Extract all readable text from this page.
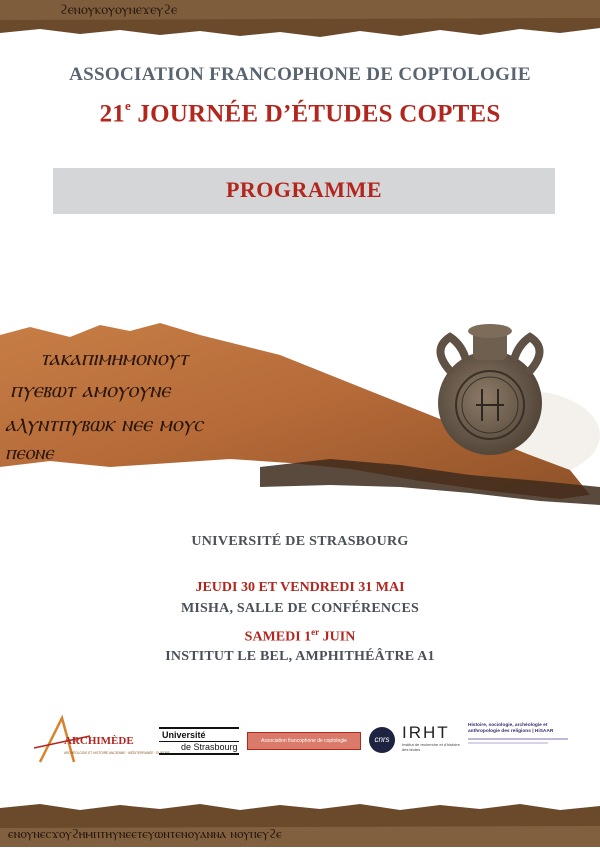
ϩⲉⲛⲟⲩⲕⲟⲩⲟⲩⲛⲉϫⲉⲩϩⲉ
ASSOCIATION FRANCOPHONE DE COPTOLOGIE
21e JOURNÉE D’ÉTUDES COPTES
PROGRAMME
ⲧⲁⲕⲁⲡⲓⲙⲏⲙⲟⲛⲟⲩⲧ
ⲡⲩⲉⲃⲱⲧ ⲁⲙⲟⲩⲟⲩⲛⲉ
ⲁⲗⲩⲛⲧⲡⲩⲃⲱⲕ ⲛⲉⲉ ⲙⲟⲩⲥ
ⲡⲉⲟⲛⲉ
UNIVERSITÉ DE STRASBOURG
JEUDI 30 ET VENDREDI 31 MAI
MISHA, SALLE DE CONFÉRENCES
SAMEDI 1er JUIN
INSTITUT LE BEL, AMPHITHÉÂTRE A1
ARCHIMÈDE
ARCHÉOLOGIE ET HISTOIRE ANCIENNE · MÉDITERRANÉE · EUROPE
Université
de Strasbourg
Association francophone de coptologie	cnrs IRHT
Institut de recherche et d’histoire des textes
Histoire, sociologie, archéologie et anthropologie des religions | HiSAAR
ⲉⲛⲟⲩⲛⲉⲥϫⲟⲩϩⲏⲙⲡⲧⲏⲩⲛⲉⲉⲧⲉⲩⲱⲛⲧⲉⲛⲟⲩⲁⲛⲛⲁ ⲛⲟⲩⲡⲉⲩϩⲉ
